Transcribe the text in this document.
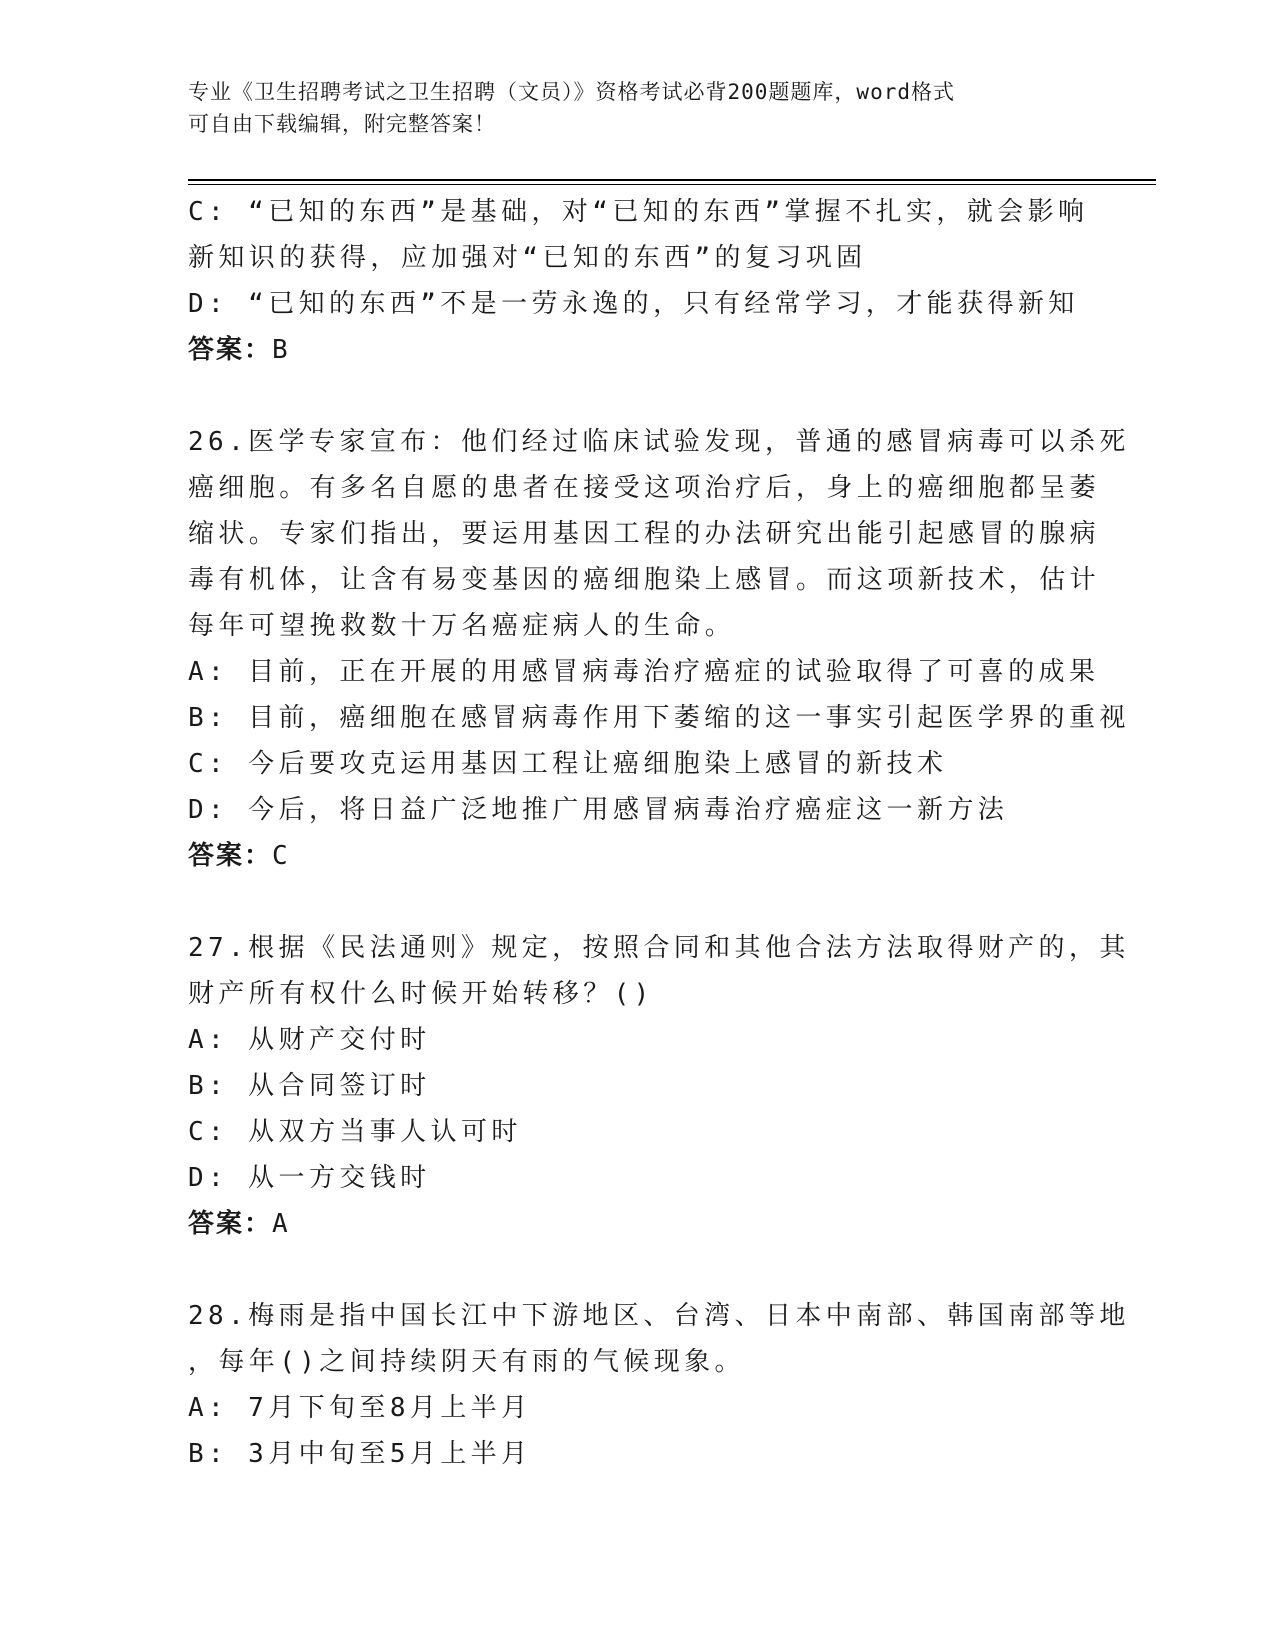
专业《卫生招聘考试之卫生招聘（文员）》资格考试必背200题题库，word格式
可自由下载编辑，附完整答案！
C: “已知的东西”是基础，对“已知的东西”掌握不扎实，就会影响
新知识的获得，应加强对“已知的东西”的复习巩固
D: “已知的东西”不是一劳永逸的，只有经常学习，才能获得新知
答案：B
26.医学专家宣布：他们经过临床试验发现，普通的感冒病毒可以杀死
癌细胞。有多名自愿的患者在接受这项治疗后，身上的癌细胞都呈萎
缩状。专家们指出，要运用基因工程的办法研究出能引起感冒的腺病
毒有机体，让含有易变基因的癌细胞染上感冒。而这项新技术，估计
每年可望挽救数十万名癌症病人的生命。
A: 目前，正在开展的用感冒病毒治疗癌症的试验取得了可喜的成果
B: 目前，癌细胞在感冒病毒作用下萎缩的这一事实引起医学界的重视
C: 今后要攻克运用基因工程让癌细胞染上感冒的新技术
D: 今后，将日益广泛地推广用感冒病毒治疗癌症这一新方法
答案：C
27.根据《民法通则》规定，按照合同和其他合法方法取得财产的，其
财产所有权什么时候开始转移？()
A: 从财产交付时
B: 从合同签订时
C: 从双方当事人认可时
D: 从一方交钱时
答案：A
28.梅雨是指中国长江中下游地区、台湾、日本中南部、韩国南部等地
，每年()之间持续阴天有雨的气候现象。
A: 7月下旬至8月上半月
B: 3月中旬至5月上半月
